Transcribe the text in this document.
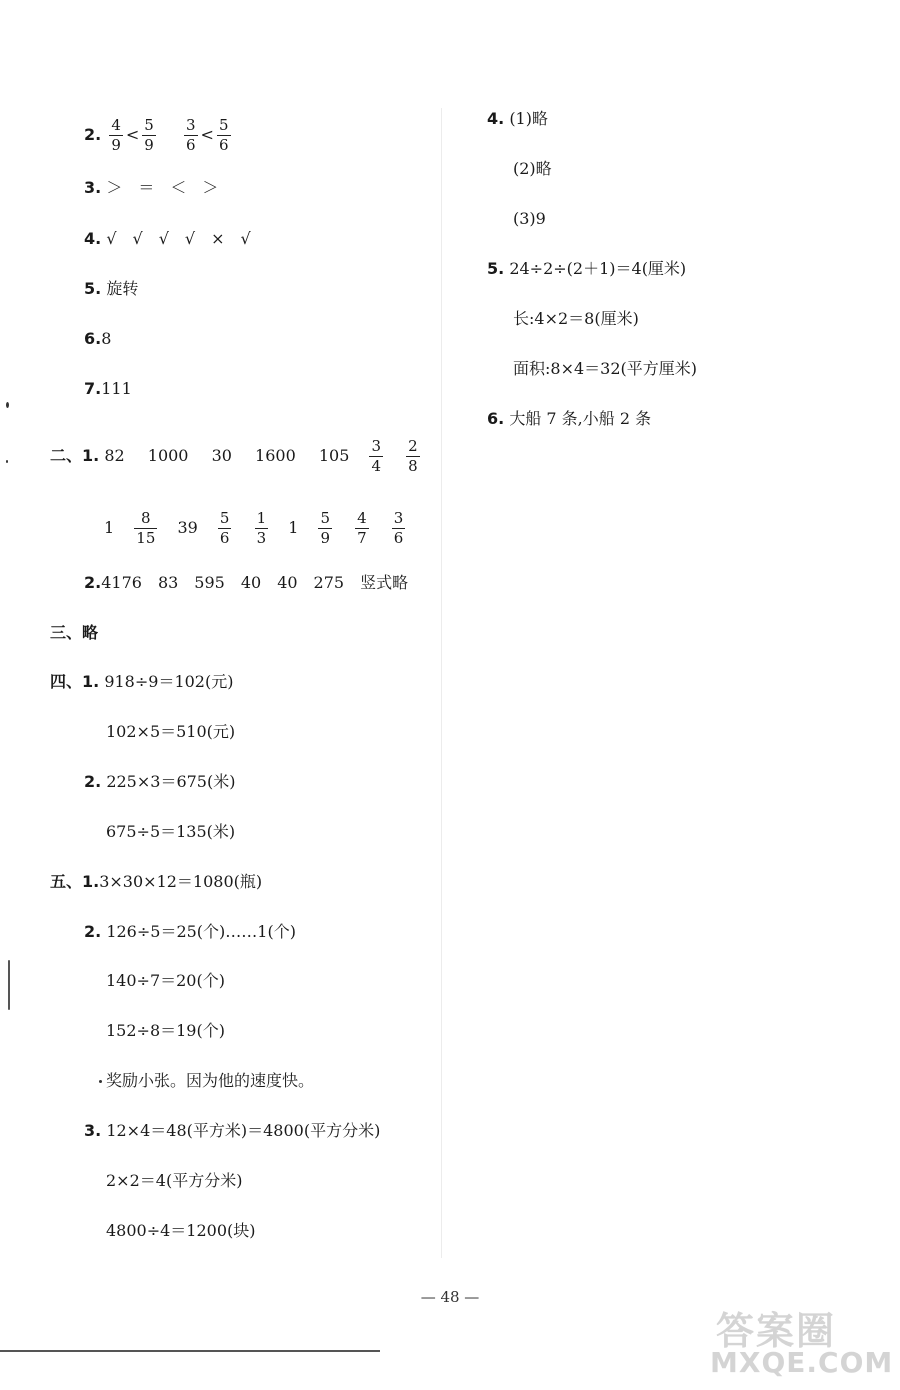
2. $\frac{4}{9} < \frac{5}{9}$
$\frac{3}{6} < \frac{5}{6}$
3. ＞　＝　＜　＞
4. √　√　√　√　×　√
5. 旋转
6.8
7.111
二、1. 82 1000 30 1600 $105 \frac{3}{4}$
$\frac{2}{8}$
$1 \frac{8}{15} 39 \frac{5}{6}$
$\frac{1}{3} 1 \frac{5}{9}$
$\frac{4}{7}$
$\frac{3}{6}$
2.4176　83　595　40　40　275　竖式略
三、略
四、1. 918÷9＝102(元)
102×5＝510(元)
2. 225×3＝675(米)
675÷5＝135(米)
五、1.3×30×12＝1080(瓶)
2. 126÷5＝25(个)……1(个)
140÷7＝20(个)
152÷8＝19(个)
奖励小张。因为他的速度快。
3. 12×4＝48(平方米)＝4800(平方分米)
2×2＝4(平方分米)
4800÷4＝1200(块)
4. (1)略
(2)略
(3)9
5. 24÷2÷(2＋1)＝4(厘米)
长:4×2＝8(厘米)
面积:8×4＝32(平方厘米)
6. 大船 7 条,小船 2 条
— 48 —
答案圈
MXQE.COM
